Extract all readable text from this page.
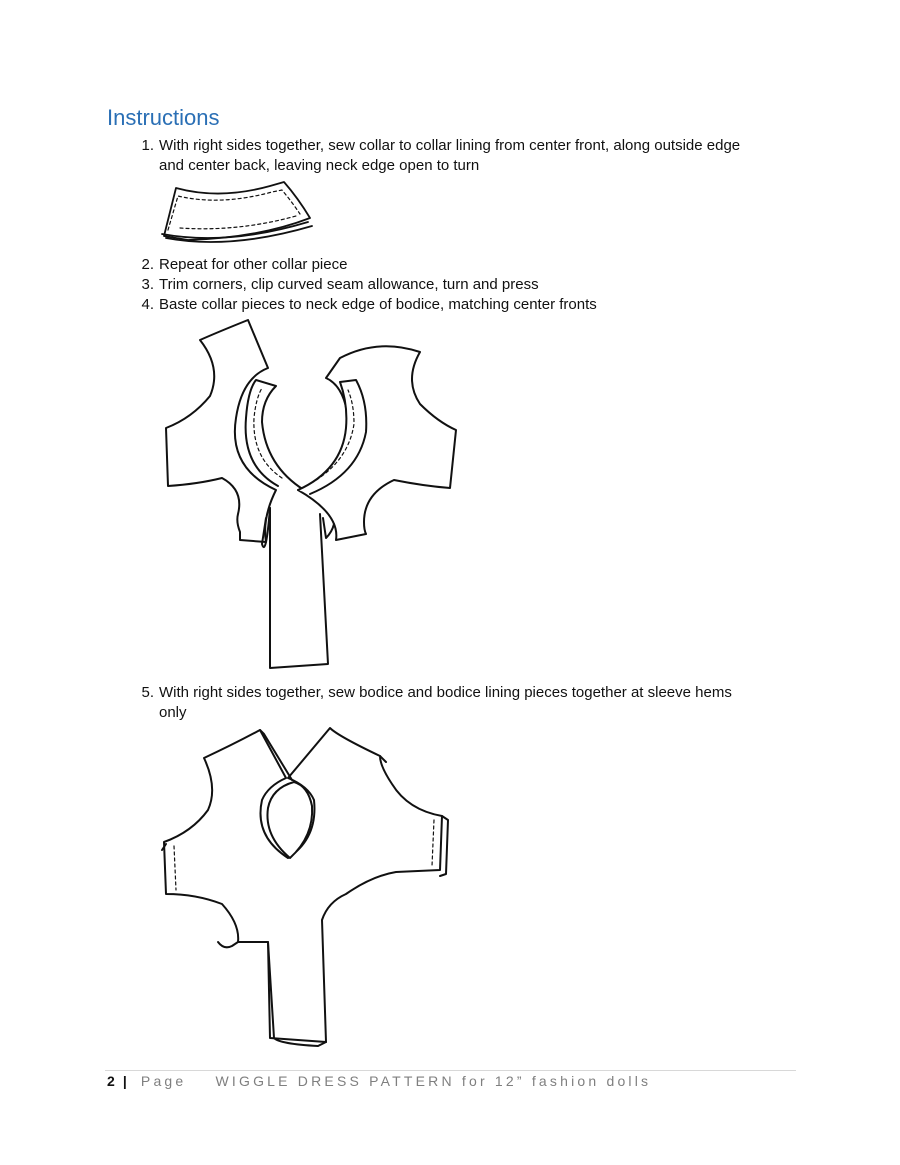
Instructions
1. With right sides together, sew collar to collar lining from center front, along outside edge
and center back, leaving neck edge open to turn
2. Repeat for other collar piece
3. Trim corners, clip curved seam allowance, turn and press
4. Baste collar pieces to neck edge of bodice, matching center fronts
5. With right sides together, sew bodice and bodice lining pieces together at sleeve hems
only
2 | Page WIGGLE DRESS PATTERN for 12” fashion dolls
